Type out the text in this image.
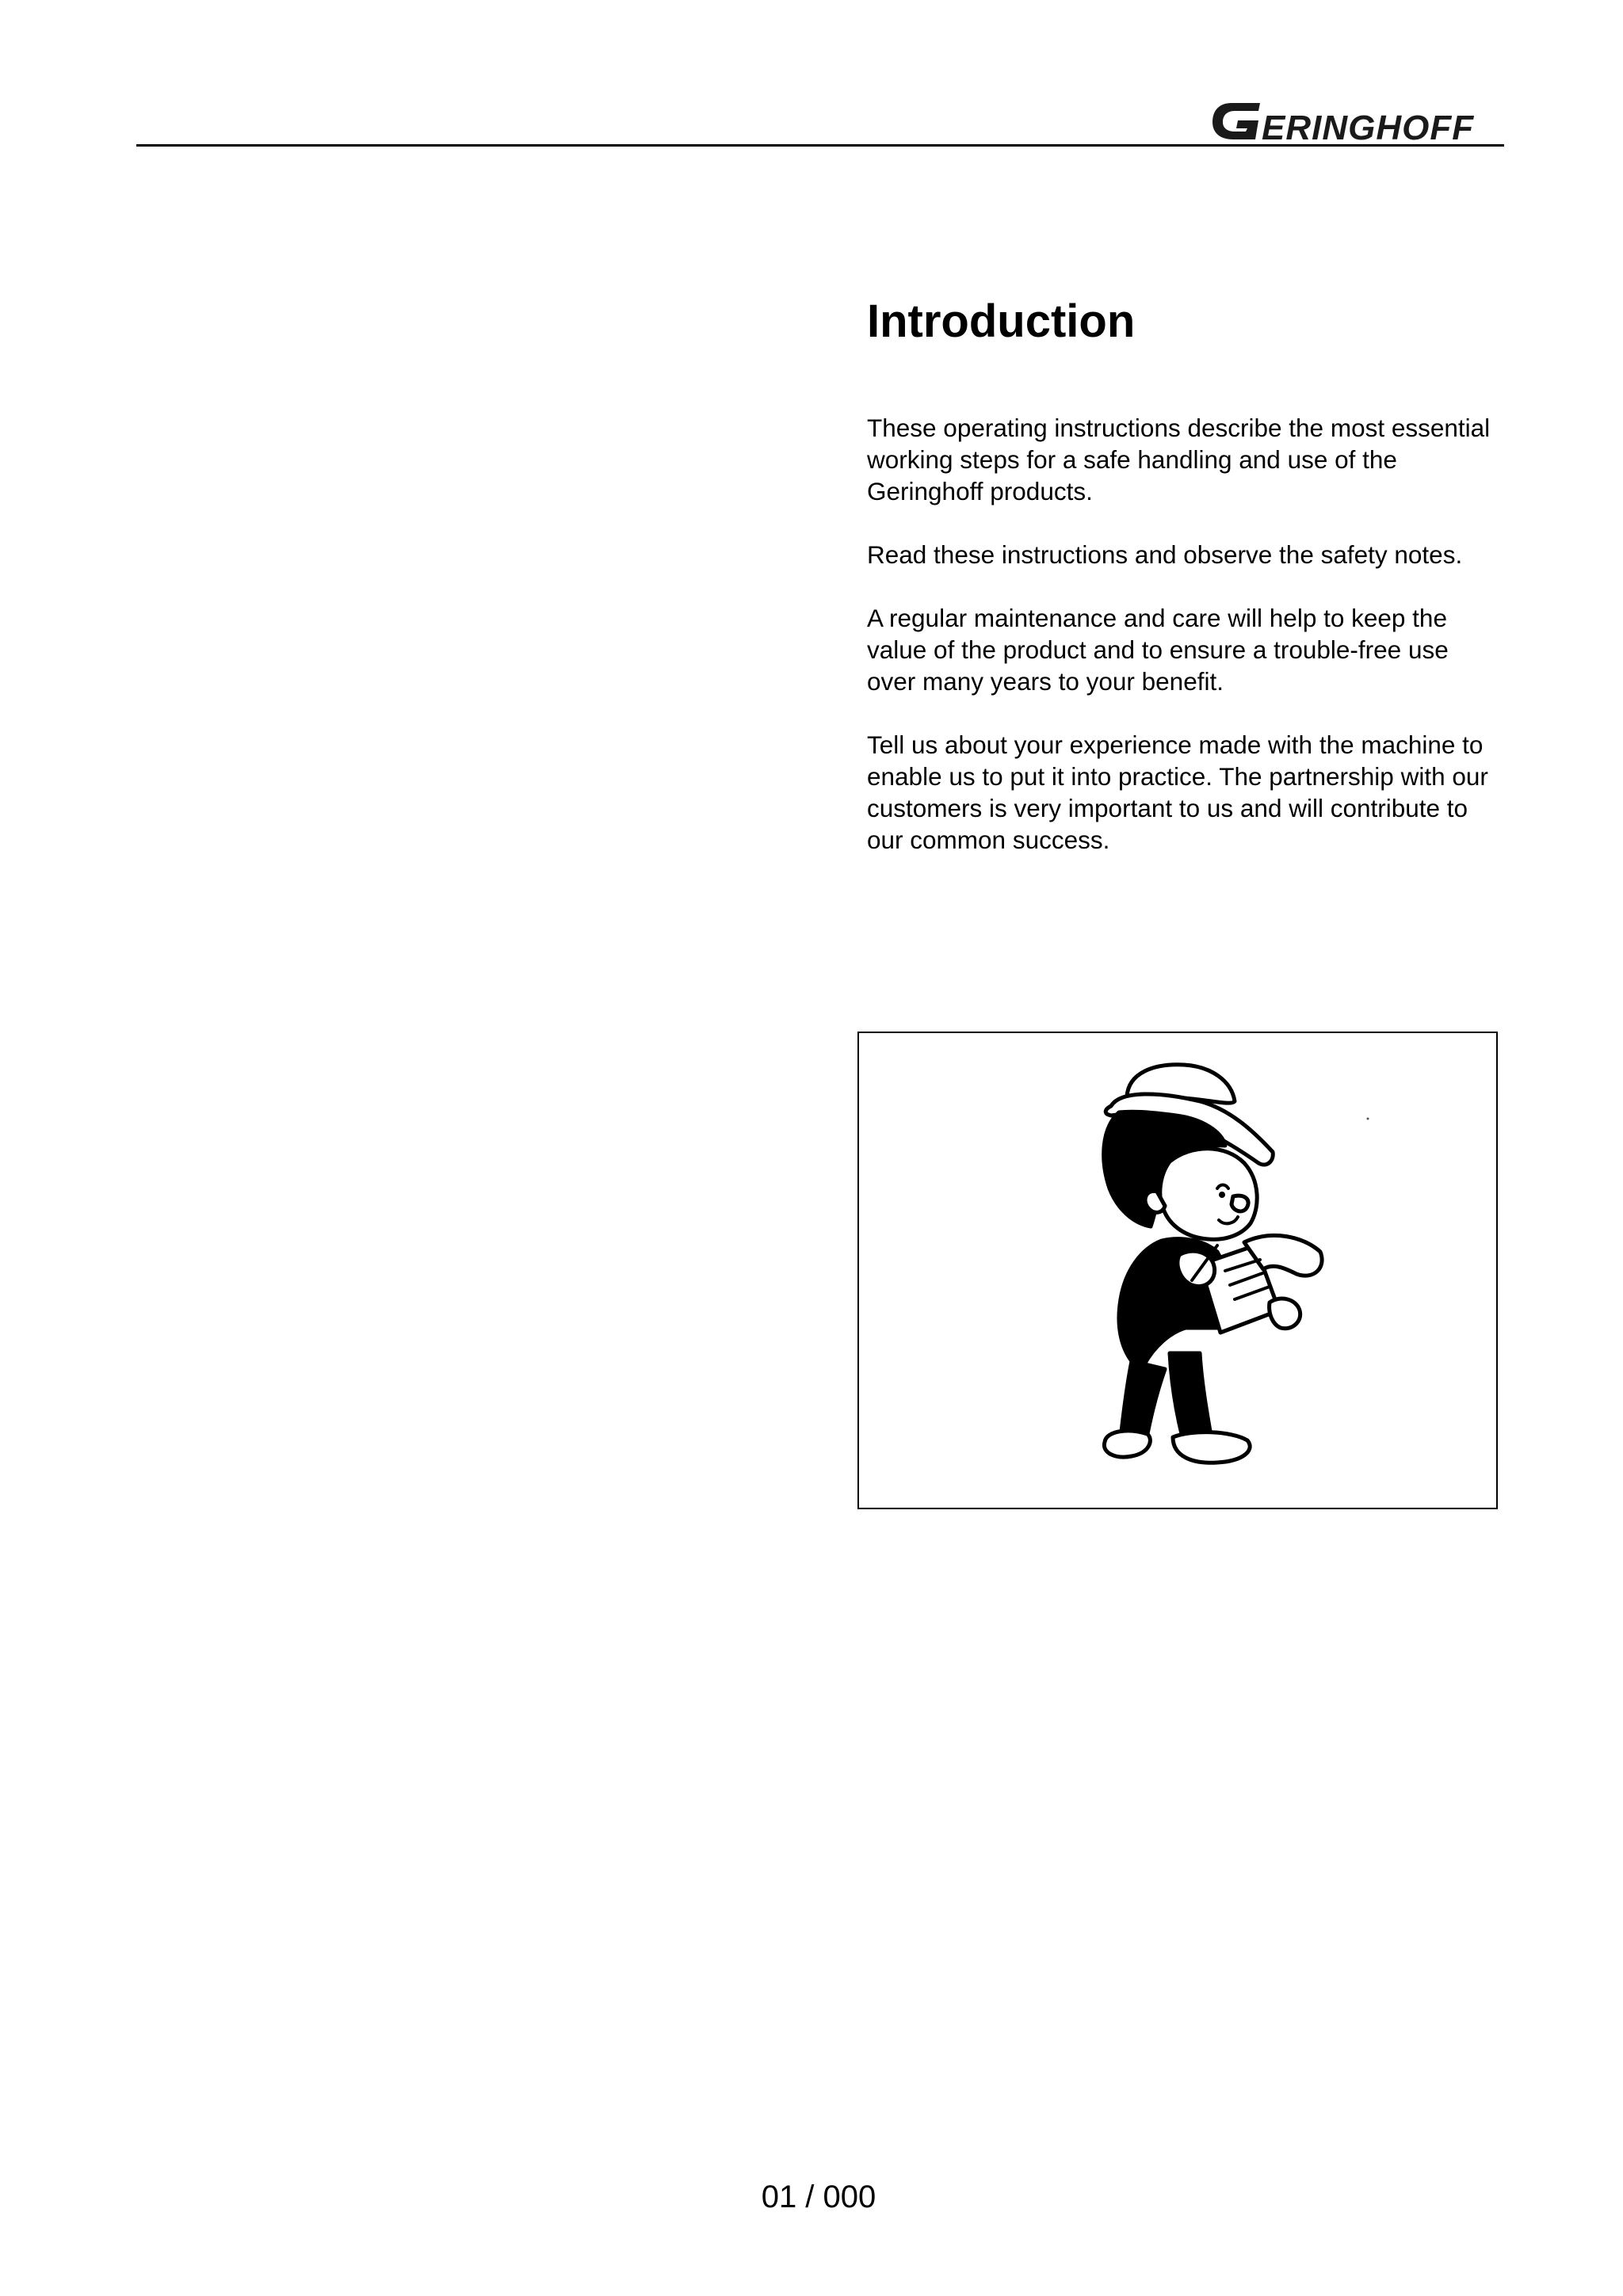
ERINGHOFF
Introduction

These operating instructions describe the most essential working steps for a safe handling and use of the Geringhoff products.

Read these instructions and observe the safety notes.

A regular maintenance and care will help to keep the value of the product and to ensure a trouble-free use over many years to your benefit.

Tell us about your experience made with the machine to enable us to put it into practice. The partnership with our customers is very important to us and will contribute to our common success.

01 / 000
